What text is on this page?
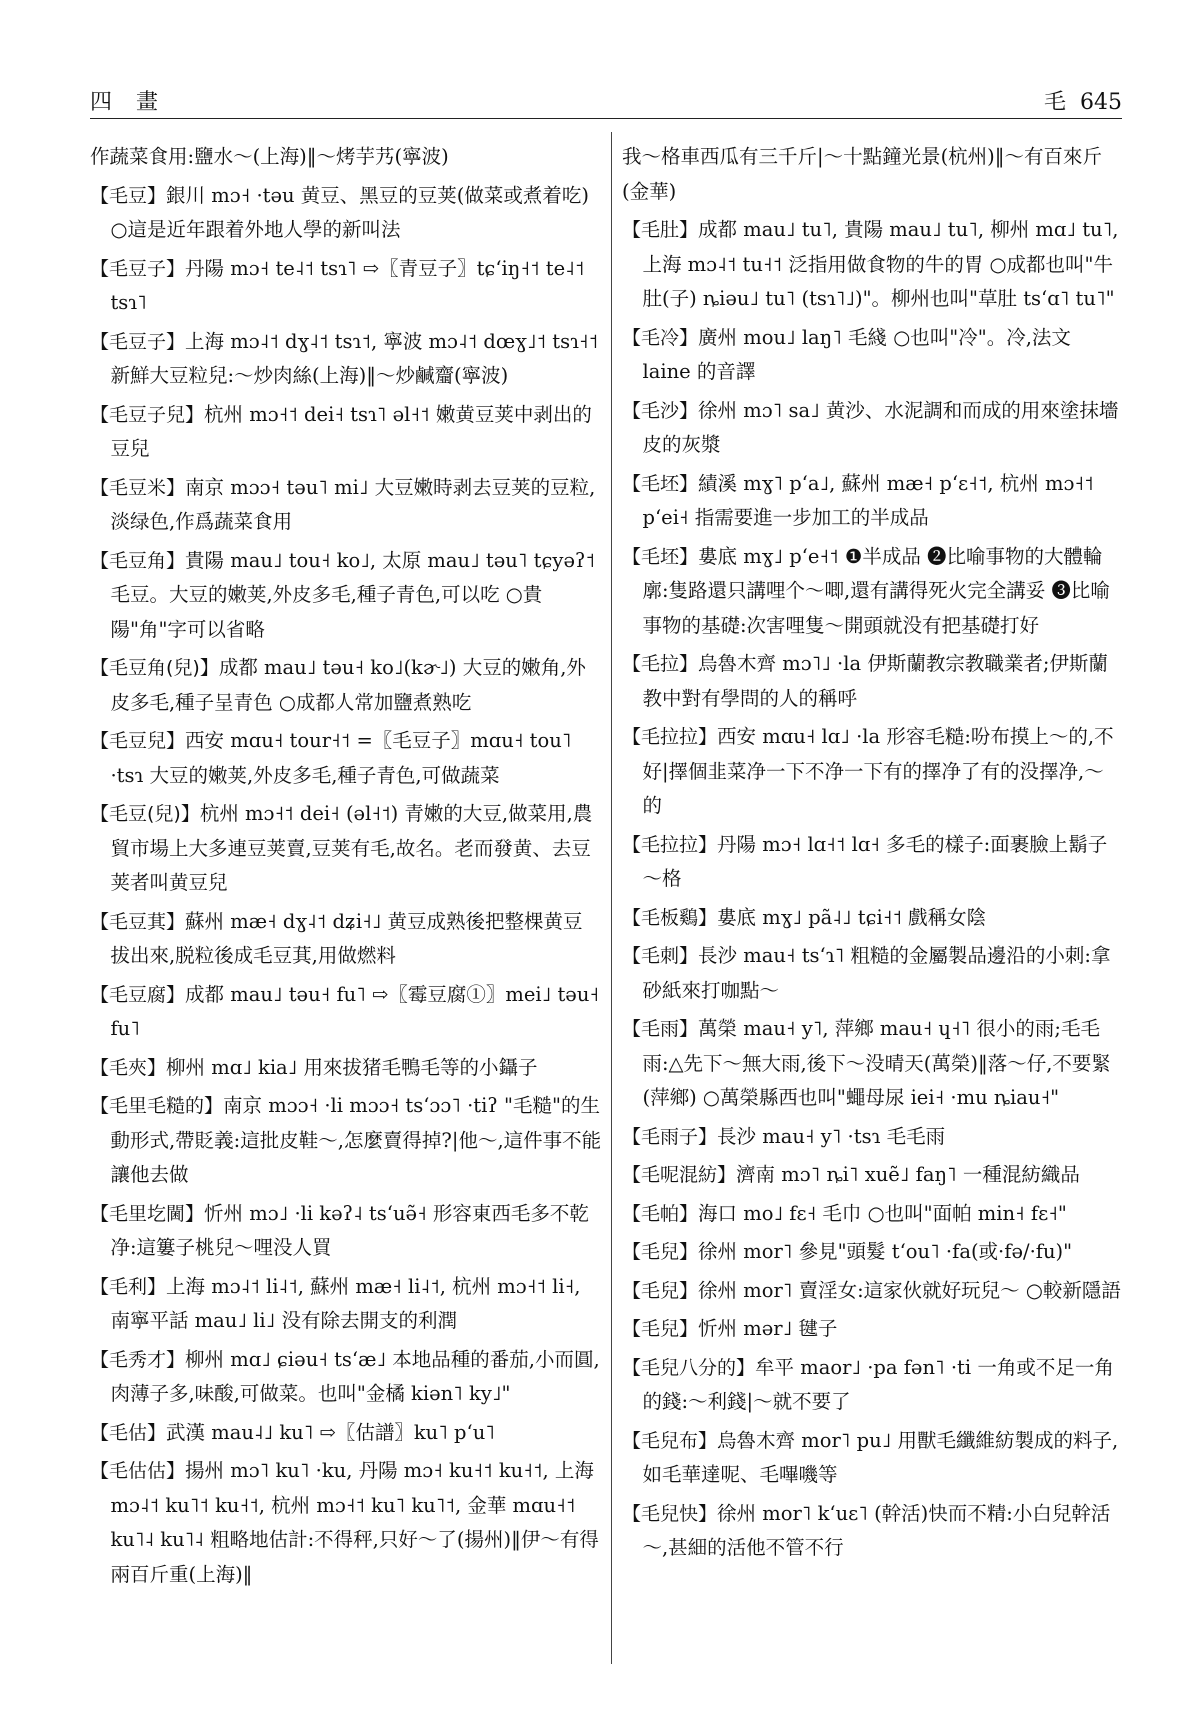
四 畫	毛 645
作蔬菜食用:鹽水～(上海)‖～烤芋艿(寧波)
【毛豆】銀川 mɔ˧ ·təu 黄豆、黑豆的豆荚(做菜或煮着吃) ○這是近年跟着外地人學的新叫法
【毛豆子】丹陽 mɔ˧ te˨˦ tsɿ˥ ⇨〖青豆子〗tɕʻiŋ˧˦ te˨˦ tsɿ˥
【毛豆子】上海 mɔ˨˦ dɣ˨˦ tsɿ˦, 寧波 mɔ˨˦ dœɣ˩˦ tsɿ˧˦ 新鮮大豆粒兒:～炒肉絲(上海)‖～炒鹹齏(寧波)
【毛豆子兒】杭州 mɔ˧˦ dei˧ tsɿ˥ əl˧˦ 嫩黄豆荚中剥出的豆兒
【毛豆米】南京 mɔɔ˧ təu˥ mi˩ 大豆嫩時剥去豆荚的豆粒,淡绿色,作爲蔬菜食用
【毛豆角】貴陽 mau˩ tou˧ ko˩, 太原 mau˩ təu˥ tɕyəʔ˦ 毛豆。大豆的嫩荚,外皮多毛,種子青色,可以吃 ○貴陽"角"字可以省略
【毛豆角(兒)】成都 mau˩ təu˧ ko˩(kɚ˩) 大豆的嫩角,外皮多毛,種子呈青色 ○成都人常加鹽煮熟吃
【毛豆兒】西安 mɑu˧ tour˧˦ =〖毛豆子〗mɑu˧ tou˥ ·tsɿ 大豆的嫩荚,外皮多毛,種子青色,可做蔬菜
【毛豆(兒)】杭州 mɔ˧˦ dei˧ (əl˧˦) 青嫩的大豆,做菜用,農貿市場上大多連豆荚賣,豆荚有毛,故名。老而發黄、去豆荚者叫黄豆兒
【毛豆萁】蘇州 mæ˧ dɣ˨˦ dʑi˧˩ 黄豆成熟後把整棵黄豆拔出來,脱粒後成毛豆萁,用做燃料
【毛豆腐】成都 mau˩ təu˧ fu˥ ⇨〖霉豆腐①〗mei˩ təu˧ fu˥
【毛夾】柳州 mɑ˩ kia˩ 用來拔猪毛鴨毛等的小鑷子
【毛里毛糙的】南京 mɔɔ˧ ·li mɔɔ˧ tsʻɔɔ˥ ·tiʔ "毛糙"的生動形式,帶貶義:這批皮鞋～,怎麼賣得掉?|他～,這件事不能讓他去做
【毛里圪閫】忻州 mɔ˩ ·li kəʔ˨ tsʻuə̃˧ 形容東西毛多不乾净:這簍子桃兒～哩没人買
【毛利】上海 mɔ˨˦ li˨˦, 蘇州 mæ˧ li˨˦, 杭州 mɔ˧˦ li˧, 南寧平話 mau˩ li˩ 没有除去開支的利潤
【毛秀才】柳州 mɑ˩ ɕiəu˧ tsʻæ˩ 本地品種的番茄,小而圓,肉薄子多,味酸,可做菜。也叫"金橘 kiən˥ ky˩"
【毛估】武漢 mau˨˩ ku˥ ⇨〖估譜〗ku˥ pʻu˥
【毛估估】揚州 mɔ˥ ku˥ ·ku, 丹陽 mɔ˧ ku˧˦ ku˧˦, 上海 mɔ˨˦ ku˥˦ ku˧˦, 杭州 mɔ˧˦ ku˥ ku˥˦, 金華 mɑu˧˦ ku˥˨ ku˥˨ 粗略地估計:不得秤,只好～了(揚州)‖伊～有得兩百斤重(上海)‖
我～格車西瓜有三千斤|～十點鐘光景(杭州)‖～有百來斤(金華)
【毛肚】成都 mau˩ tu˥, 貴陽 mau˩ tu˥, 柳州 mɑ˩ tu˥, 上海 mɔ˨˦ tu˧˦ 泛指用做食物的牛的胃 ○成都也叫"牛肚(子) ȵiəu˩ tu˥ (tsɿ˥˩)"。柳州也叫"草肚 tsʻɑ˥ tu˥"
【毛冷】廣州 mou˩ laŋ˥ 毛綫 ○也叫"冷"。冷,法文 laine 的音譯
【毛沙】徐州 mɔ˥ sa˩ 黄沙、水泥調和而成的用來塗抹墻皮的灰漿
【毛坯】績溪 mɣ˥ pʻa˩, 蘇州 mæ˧ pʻɛ˧˦, 杭州 mɔ˧˦ pʻei˧ 指需要進一步加工的半成品
【毛坯】婁底 mɣ˩ pʻe˧˦ ❶半成品 ❷比喻事物的大體輪廓:隻路還只講哩个～唧,還有講得死火完全講妥 ❸比喻事物的基礎:次害哩隻～開頭就没有把基礎打好
【毛拉】烏魯木齊 mɔ˥˩ ·la 伊斯蘭教宗教職業者;伊斯蘭教中對有學問的人的稱呼
【毛拉拉】西安 mɑu˧ lɑ˩ ·la 形容毛糙:吩布摸上～的,不好|擇個韭菜净一下不净一下有的擇净了有的没擇净,～的
【毛拉拉】丹陽 mɔ˧ lɑ˧˦ lɑ˧ 多毛的樣子:面裹臉上鬍子～格
【毛板鷄】婁底 mɣ˩ pã˨˩ tɕi˧˦ 戲稱女陰
【毛刺】長沙 mau˧ tsʻɿ˥ 粗糙的金屬製品邊沿的小刺:拿砂紙來打咖點～
【毛雨】萬榮 mau˧ y˥, 萍鄉 mau˧ ɥ˧˥ 很小的雨;毛毛雨:△先下～無大雨,後下～没晴天(萬榮)‖落～仔,不要緊(萍鄉) ○萬榮縣西也叫"蠅母尿 iei˧ ·mu ȵiau˧"
【毛雨子】長沙 mau˧ y˥ ·tsɿ 毛毛雨
【毛呢混紡】濟南 mɔ˥ ȵi˥ xuẽ˩ faŋ˥ 一種混紡織品
【毛帕】海口 mo˩ fɛ˧ 毛巾 ○也叫"面帕 min˧ fɛ˧"
【毛兒】徐州 mor˥ 參見"頭髮 tʻou˥ ·fa(或·fə/·fu)"
【毛兒】徐州 mor˥ 賣淫女:這家伙就好玩兒～ ○較新隱語
【毛兒】忻州 mər˩ 毽子
【毛兒八分的】牟平 maor˩ ·pa fən˥ ·ti 一角或不足一角的錢:～利錢|～就不要了
【毛兒布】烏魯木齊 mor˥ pu˩ 用獸毛纖維紡製成的料子,如毛華達呢、毛嗶嘰等
【毛兒快】徐州 mor˥ kʻuɛ˥ (幹活)快而不精:小白兒幹活～,甚細的活他不管不行
